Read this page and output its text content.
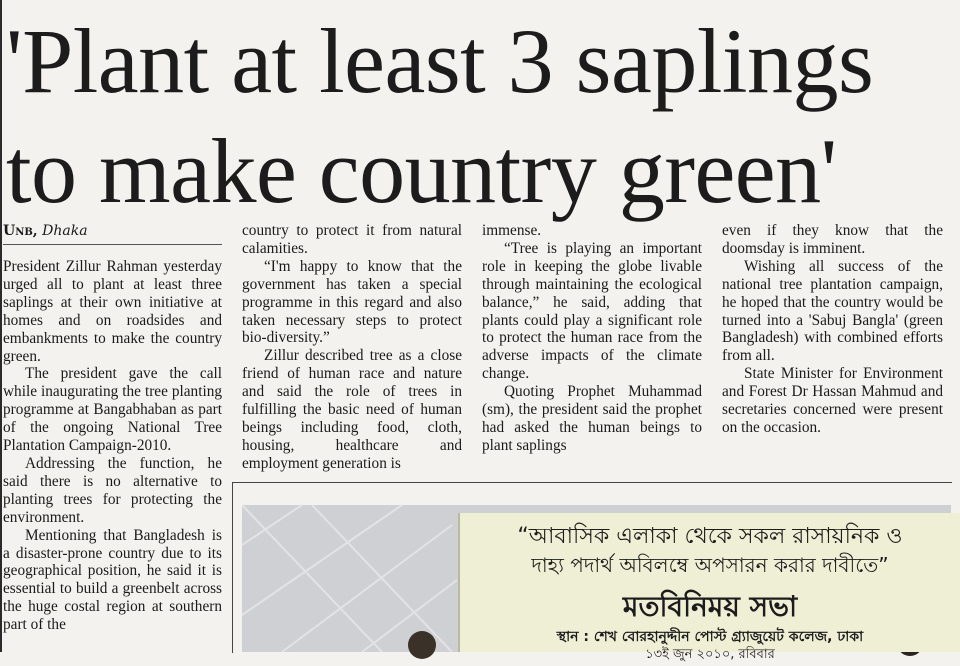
'Plant at least 3 saplings
to make country green'
Unb, Dhaka

President Zillur Rahman yesterday urged all to plant at least three saplings at their own initiative at homes and on roadsides and embankments to make the country green.

The president gave the call while inaugurating the tree planting programme at Bangabhaban as part of the ongoing National Tree Plantation Campaign-2010.

Addressing the function, he said there is no alternative to planting trees for protecting the environment.

Mentioning that Bangladesh is a disaster-prone country due to its geographical position, he said it is essential to build a greenbelt across the huge costal region at southern part of the

country to protect it from natural calamities.

“I'm happy to know that the government has taken a special programme in this regard and also taken necessary steps to protect bio-diversity.”

Zillur described tree as a close friend of human race and nature and said the role of trees in fulfilling the basic need of human beings including food, cloth, housing, healthcare and employment generation is

immense.

“Tree is playing an important role in keeping the globe livable through maintaining the ecological balance,” he said, adding that plants could play a significant role to protect the human race from the adverse impacts of the climate change.

Quoting Prophet Muhammad (sm), the president said the prophet had asked the human beings to plant saplings

even if they know that the doomsday is imminent.

Wishing all success of the national tree plantation campaign, he hoped that the country would be turned into a 'Sabuj Bangla' (green Bangladesh) with combined efforts from all.

State Minister for Environment and Forest Dr Hassan Mahmud and secretaries concerned were present on the occasion.

“আবাসিক এলাকা থেকে সকল রাসায়নিক ও
দাহ্য পদার্থ অবিলম্বে অপসারন করার দাবীতে”
মতবিনিময় সভা
স্থান : শেখ বোরহানুদ্দীন পোস্ট গ্র্যাজুয়েট কলেজ, ঢাকা
১৩ই জুন ২০১০, রবিবার
